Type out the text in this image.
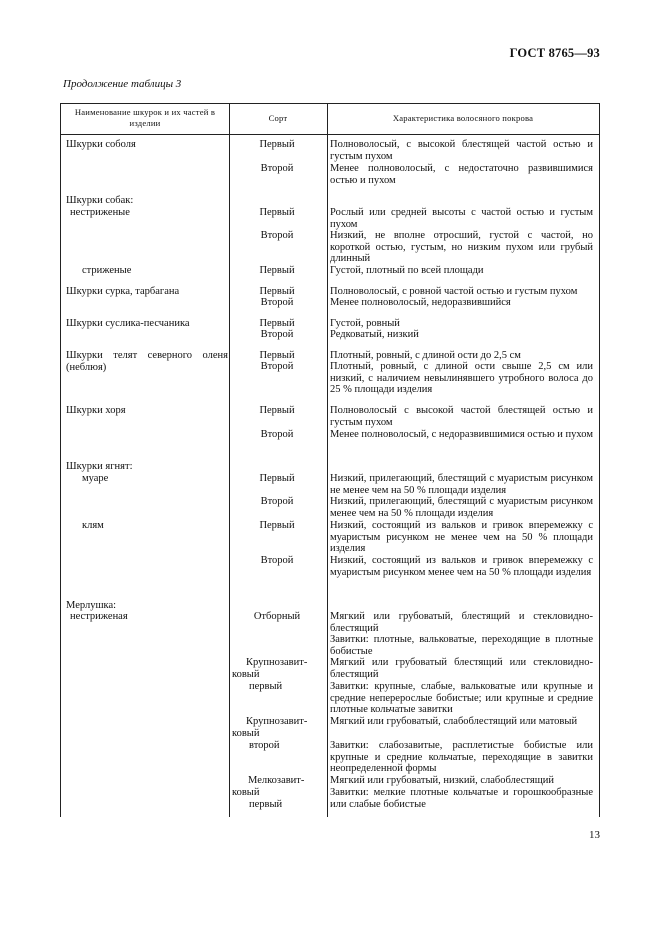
ГОСТ 8765—93
Продолжение таблицы 3
Наименование шкурок и их частей в изделии	Сорт	Характеристика волосяного покрова
Шкурки соболя
Шкурки собак:
нестриженые
стриженые
Шкурки сурка, тарбагана
Шкурки суслика-песчаника
Шкурки телят северного оленя (неблюя)
Шкурки хоря
Шкурки ягнят:
муаре
клям
Мерлушка:
нестриженая
Первый
Второй
Первый
Второй
Первый
Первый
Второй
Первый
Второй
Первый
Второй
Первый
Второй
Первый
Второй
Первый
Второй
Отборный
Крупнозавит-
ковый
первый
Крупнозавит-
ковый
второй
Мелкозавит-
ковый
первый
Полноволосый, с высокой блестящей частой остью и густым пухом
Менее полноволосый, с недостаточно развившимися остью и пухом
Рослый или средней высоты с частой остью и густым пухом
Низкий, не вполне отросший, густой с частой, но короткой остью, густым, но низким пухом или грубый длинный
Густой, плотный по всей площади
Полноволосый, с ровной частой остью и густым пухом
Менее полноволосый, недоразвившийся
Густой, ровный
Редковатый, низкий
Плотный, ровный, с длиной ости до 2,5 см
Плотный, ровный, с длиной ости свыше 2,5 см или низкий, с наличием невылинявшего утробного волоса до 25 % площади изделия
Полноволосый с высокой частой блестящей остью и густым пухом
Менее полноволосый, с недоразвившимися остью и пухом
Низкий, прилегающий, блестящий с муаристым рисунком не менее чем на 50 % площади изделия
Низкий, прилегающий, блестящий с муаристым рисунком менее чем на 50 % площади изделия
Низкий, состоящий из вальков и гривок вперемежку с муаристым рисунком не менее чем на 50 % площади изделия
Низкий, состоящий из вальков и гривок вперемежку с муаристым рисунком менее чем на 50 % площади изделия
Мягкий или грубоватый, блестящий и стекловидно-блестящий
Завитки: плотные, вальковатые, переходящие в плотные бобистые
Мягкий или грубоватый блестящий или стекловидно-блестящий
Завитки: крупные, слабые, вальковатые или крупные и средние неперерослые бобистые; или крупные и средние плотные кольчатые завитки
Мягкий или грубоватый, слабоблестящий или матовый
Завитки: слабозавитые, расплетистые бобистые или крупные и средние кольчатые, переходящие в завитки неопределенной формы
Мягкий или грубоватый, низкий, слабоблестящий
Завитки: мелкие плотные кольчатые и горошкообразные или слабые бобистые
13
